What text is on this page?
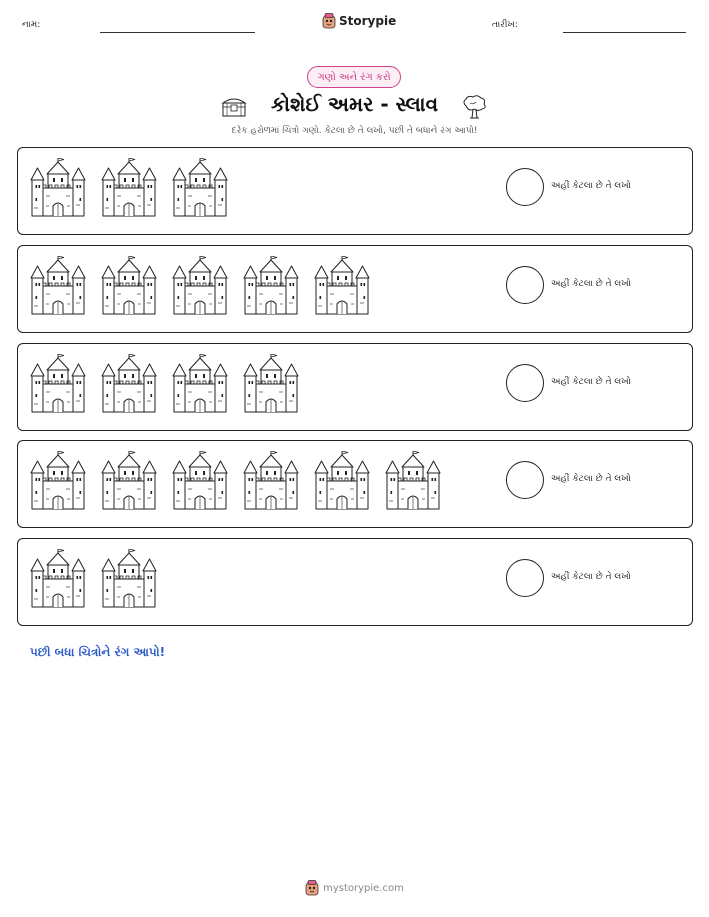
નામ:	Storypie	તારીખ:
ગણો અને રંગ કરો
કોશેઈ અમર - સ્લાવ
દરેક હરોળમાં ચિત્રો ગણો. કેટલા છે તે લખો, પછી તે બધાને રંગ આપો!
અહીં કેટલા છે તે લખો
અહીં કેટલા છે તે લખો
અહીં કેટલા છે તે લખો
અહીં કેટલા છે તે લખો
અહીં કેટલા છે તે લખો
પછી બધા ચિત્રોને રંગ આપો!
mystorypie.com
